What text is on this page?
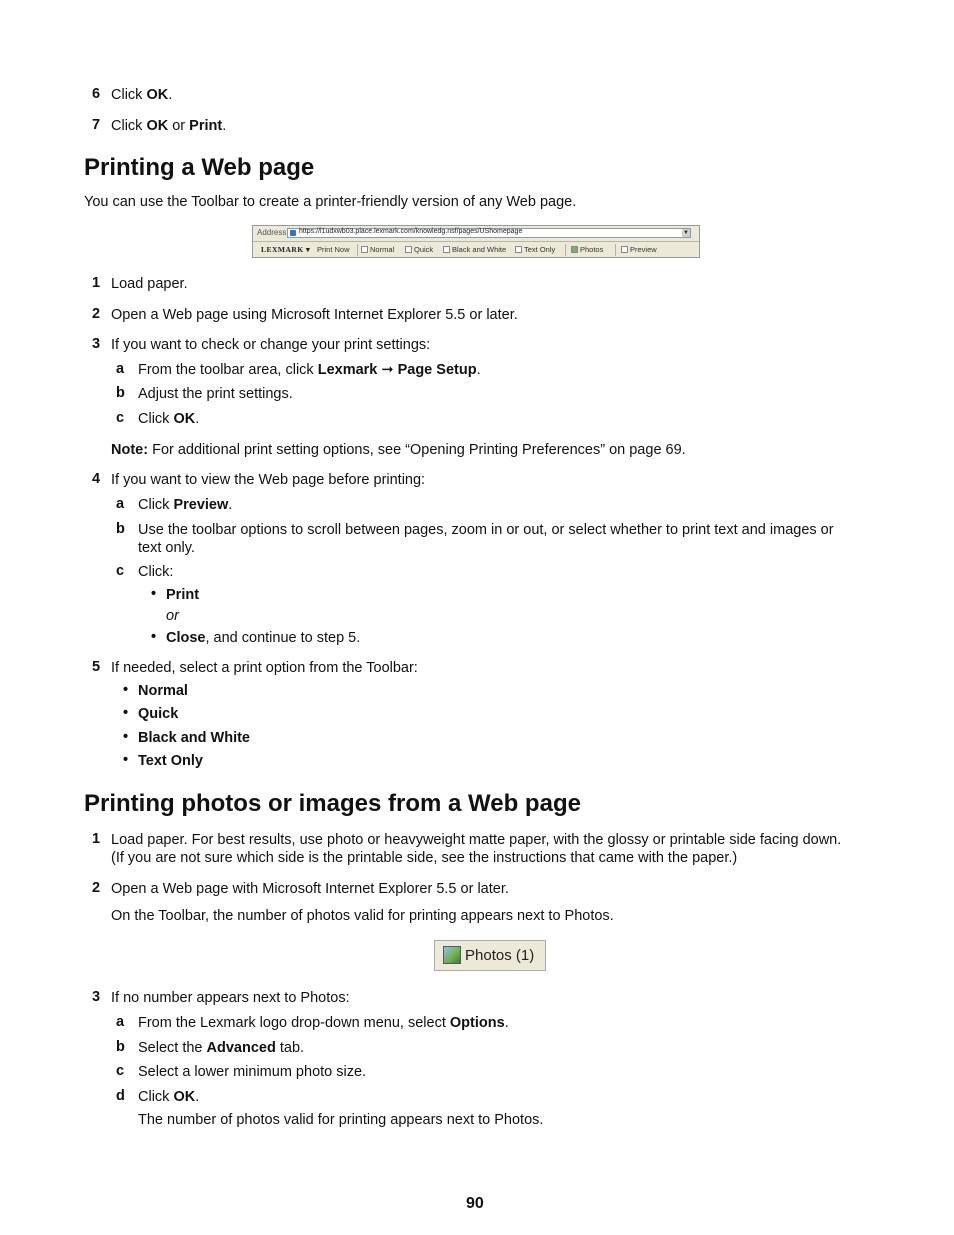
6 Click OK.
7 Click OK or Print.
Printing a Web page
You can use the Toolbar to create a printer-friendly version of any Web page.
Address https://l1udxwb03.place.lexmark.com/knowledg.nsf/pages/UShomepage	▼
LEXMARK ▾ Print Now	Normal	Quick	Black and White	Text Only	Photos	Preview
1 Load paper.
2 Open a Web page using Microsoft Internet Explorer 5.5 or later.
3 If you want to check or change your print settings:
a From the toolbar area, click Lexmark ➞ Page Setup.
b Adjust the print settings.
c Click OK.
Note: For additional print setting options, see “Opening Printing Preferences” on page 69.
4 If you want to view the Web page before printing:
a Click Preview.
b Use the toolbar options to scroll between pages, zoom in or out, or select whether to print text and images or
text only.
c Click:
• Print
or
• Close, and continue to step 5.
5 If needed, select a print option from the Toolbar:
• Normal
• Quick
• Black and White
• Text Only
Printing photos or images from a Web page
1 Load paper. For best results, use photo or heavyweight matte paper, with the glossy or printable side facing down.
(If you are not sure which side is the printable side, see the instructions that came with the paper.)
2 Open a Web page with Microsoft Internet Explorer 5.5 or later.
On the Toolbar, the number of photos valid for printing appears next to Photos.
Photos (1)
3 If no number appears next to Photos:
a From the Lexmark logo drop-down menu, select Options.
b Select the Advanced tab.
c Select a lower minimum photo size.
d Click OK.
The number of photos valid for printing appears next to Photos.
90
